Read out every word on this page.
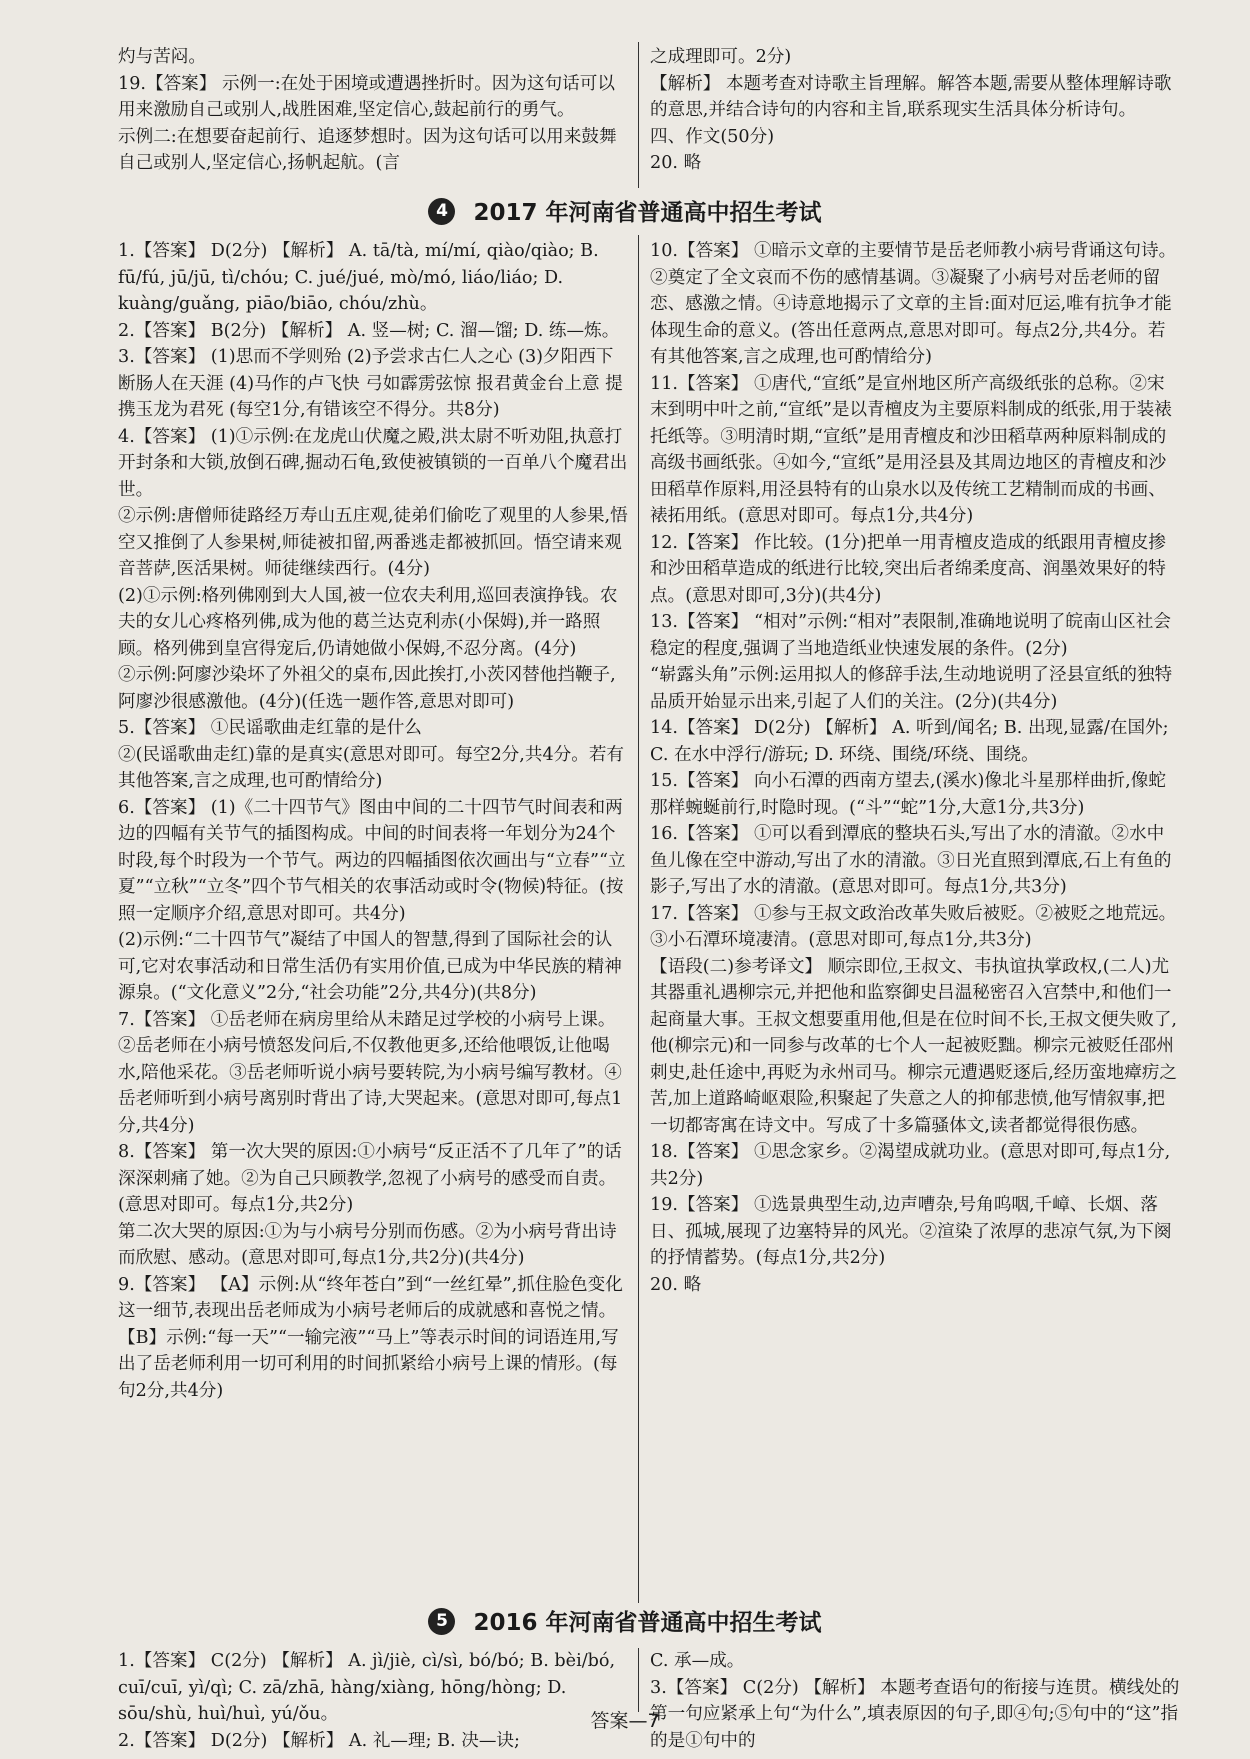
灼与苦闷。

19.【答案】 示例一:在处于困境或遭遇挫折时。因为这句话可以用来激励自己或别人,战胜困难,坚定信心,鼓起前行的勇气。

示例二:在想要奋起前行、追逐梦想时。因为这句话可以用来鼓舞自己或别人,坚定信心,扬帆起航。(言

之成理即可。2分)

【解析】 本题考查对诗歌主旨理解。解答本题,需要从整体理解诗歌的意思,并结合诗句的内容和主旨,联系现实生活具体分析诗句。

四、作文(50分)

20. 略

4 2017 年河南省普通高中招生考试

1.【答案】 D(2分) 【解析】 A. tā/tà, mí/mí, qiào/qiào; B. fū/fú, jū/jū, tì/chóu; C. jué/jué, mò/mó, liáo/liáo; D. kuàng/guǎng, piāo/biāo, chóu/zhù。

2.【答案】 B(2分) 【解析】 A. 竖—树; C. 溜—馏; D. 练—炼。

3.【答案】 (1)思而不学则殆 (2)予尝求古仁人之心 (3)夕阳西下 断肠人在天涯 (4)马作的卢飞快 弓如霹雳弦惊 报君黄金台上意 提携玉龙为君死 (每空1分,有错该空不得分。共8分)

4.【答案】 (1)①示例:在龙虎山伏魔之殿,洪太尉不听劝阻,执意打开封条和大锁,放倒石碑,掘动石龟,致使被镇锁的一百单八个魔君出世。

②示例:唐僧师徒路经万寿山五庄观,徒弟们偷吃了观里的人参果,悟空又推倒了人参果树,师徒被扣留,两番逃走都被抓回。悟空请来观音菩萨,医活果树。师徒继续西行。(4分)

(2)①示例:格列佛刚到大人国,被一位农夫利用,巡回表演挣钱。农夫的女儿心疼格列佛,成为他的葛兰达克利赤(小保姆),并一路照顾。格列佛到皇宫得宠后,仍请她做小保姆,不忍分离。(4分)

②示例:阿廖沙染坏了外祖父的桌布,因此挨打,小茨冈替他挡鞭子,阿廖沙很感激他。(4分)(任选一题作答,意思对即可)

5.【答案】 ①民谣歌曲走红靠的是什么

②(民谣歌曲走红)靠的是真实(意思对即可。每空2分,共4分。若有其他答案,言之成理,也可酌情给分)

6.【答案】 (1)《二十四节气》图由中间的二十四节气时间表和两边的四幅有关节气的插图构成。中间的时间表将一年划分为24个时段,每个时段为一个节气。两边的四幅插图依次画出与“立春”“立夏”“立秋”“立冬”四个节气相关的农事活动或时令(物候)特征。(按照一定顺序介绍,意思对即可。共4分)

(2)示例:“二十四节气”凝结了中国人的智慧,得到了国际社会的认可,它对农事活动和日常生活仍有实用价值,已成为中华民族的精神源泉。(“文化意义”2分,“社会功能”2分,共4分)(共8分)

7.【答案】 ①岳老师在病房里给从未踏足过学校的小病号上课。②岳老师在小病号愤怒发问后,不仅教他更多,还给他喂饭,让他喝水,陪他采花。③岳老师听说小病号要转院,为小病号编写教材。④岳老师听到小病号离别时背出了诗,大哭起来。(意思对即可,每点1分,共4分)

8.【答案】 第一次大哭的原因:①小病号“反正活不了几年了”的话深深刺痛了她。②为自己只顾教学,忽视了小病号的感受而自责。(意思对即可。每点1分,共2分)

第二次大哭的原因:①为与小病号分别而伤感。②为小病号背出诗而欣慰、感动。(意思对即可,每点1分,共2分)(共4分)

9.【答案】 【A】示例:从“终年苍白”到“一丝红晕”,抓住脸色变化这一细节,表现出岳老师成为小病号老师后的成就感和喜悦之情。

【B】示例:“每一天”“一输完液”“马上”等表示时间的词语连用,写出了岳老师利用一切可利用的时间抓紧给小病号上课的情形。(每句2分,共4分)

10.【答案】 ①暗示文章的主要情节是岳老师教小病号背诵这句诗。②奠定了全文哀而不伤的感情基调。③凝聚了小病号对岳老师的留恋、感激之情。④诗意地揭示了文章的主旨:面对厄运,唯有抗争才能体现生命的意义。(答出任意两点,意思对即可。每点2分,共4分。若有其他答案,言之成理,也可酌情给分)

11.【答案】 ①唐代,“宣纸”是宣州地区所产高级纸张的总称。②宋末到明中叶之前,“宣纸”是以青檀皮为主要原料制成的纸张,用于装裱托纸等。③明清时期,“宣纸”是用青檀皮和沙田稻草两种原料制成的高级书画纸张。④如今,“宣纸”是用泾县及其周边地区的青檀皮和沙田稻草作原料,用泾县特有的山泉水以及传统工艺精制而成的书画、裱拓用纸。(意思对即可。每点1分,共4分)

12.【答案】 作比较。(1分)把单一用青檀皮造成的纸跟用青檀皮掺和沙田稻草造成的纸进行比较,突出后者绵柔度高、润墨效果好的特点。(意思对即可,3分)(共4分)

13.【答案】 “相对”示例:“相对”表限制,准确地说明了皖南山区社会稳定的程度,强调了当地造纸业快速发展的条件。(2分)

“崭露头角”示例:运用拟人的修辞手法,生动地说明了泾县宣纸的独特品质开始显示出来,引起了人们的关注。(2分)(共4分)

14.【答案】 D(2分) 【解析】 A. 听到/闻名; B. 出现,显露/在国外; C. 在水中浮行/游玩; D. 环绕、围绕/环绕、围绕。

15.【答案】 向小石潭的西南方望去,(溪水)像北斗星那样曲折,像蛇那样蜿蜒前行,时隐时现。(“斗”“蛇”1分,大意1分,共3分)

16.【答案】 ①可以看到潭底的整块石头,写出了水的清澈。②水中鱼儿像在空中游动,写出了水的清澈。③日光直照到潭底,石上有鱼的影子,写出了水的清澈。(意思对即可。每点1分,共3分)

17.【答案】 ①参与王叔文政治改革失败后被贬。②被贬之地荒远。③小石潭环境凄清。(意思对即可,每点1分,共3分)

【语段(二)参考译文】 顺宗即位,王叔文、韦执谊执掌政权,(二人)尤其器重礼遇柳宗元,并把他和监察御史吕温秘密召入宫禁中,和他们一起商量大事。王叔文想要重用他,但是在位时间不长,王叔文便失败了,他(柳宗元)和一同参与改革的七个人一起被贬黜。柳宗元被贬任邵州刺史,赴任途中,再贬为永州司马。柳宗元遭遇贬逐后,经历蛮地瘴疠之苦,加上道路崎岖艰险,积聚起了失意之人的抑郁悲愤,他写情叙事,把一切都寄寓在诗文中。写成了十多篇骚体文,读者都觉得很伤感。

18.【答案】 ①思念家乡。②渴望成就功业。(意思对即可,每点1分,共2分)

19.【答案】 ①选景典型生动,边声嘈杂,号角呜咽,千嶂、长烟、落日、孤城,展现了边塞特异的风光。②渲染了浓厚的悲凉气氛,为下阕的抒情蓄势。(每点1分,共2分)

20. 略

5 2016 年河南省普通高中招生考试

1.【答案】 C(2分) 【解析】 A. jì/jiè, cì/sì, bó/bó; B. bèi/bó, cuī/cuī, yì/qì; C. zā/zhā, hàng/xiàng, hōng/hòng; D. sōu/shù, huì/huì, yú/ǒu。

2.【答案】 D(2分) 【解析】 A. 礼—理; B. 决—诀;

C. 承—成。

3.【答案】 C(2分) 【解析】 本题考查语句的衔接与连贯。横线处的第一句应紧承上句“为什么”,填表原因的句子,即④句;⑤句中的“这”指的是①句中的

答案—7
